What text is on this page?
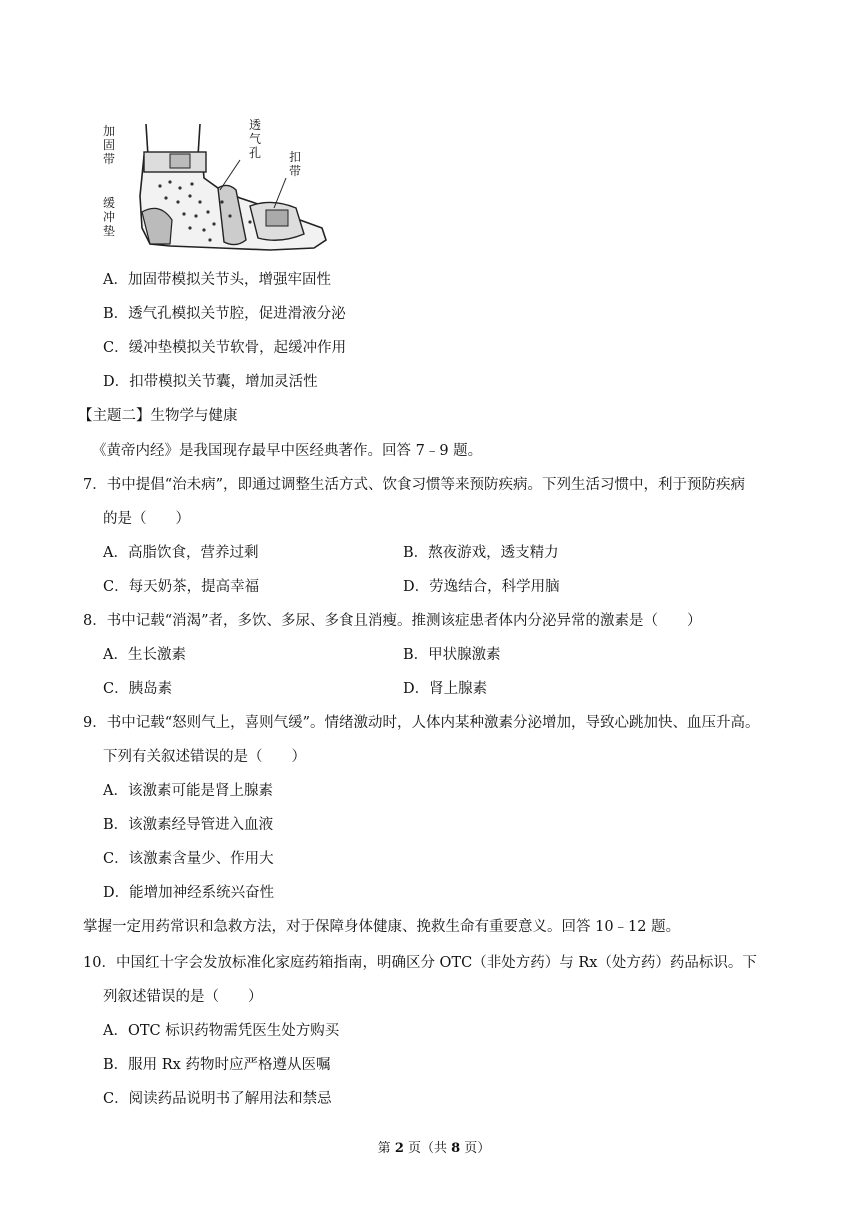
加固带
缓冲垫
透气孔 扣带
A．加固带模拟关节头，增强牢固性
B．透气孔模拟关节腔，促进滑液分泌
C．缓冲垫模拟关节软骨，起缓冲作用
D．扣带模拟关节囊，增加灵活性
【主题二】生物学与健康
《黄帝内经》是我国现存最早中医经典著作。回答 7﹣9 题。
7．书中提倡“治未病”，即通过调整生活方式、饮食习惯等来预防疾病。下列生活习惯中，利于预防疾病
的是（　　）
A．高脂饮食，营养过剩	B．熬夜游戏，透支精力
C．每天奶茶，提高幸福	D．劳逸结合，科学用脑
8．书中记载“消渴”者，多饮、多尿、多食且消瘦。推测该症患者体内分泌异常的激素是（　　）
A．生长激素	B．甲状腺激素
C．胰岛素	D．肾上腺素
9．书中记载“怒则气上，喜则气缓”。情绪激动时，人体内某种激素分泌增加，导致心跳加快、血压升高。
下列有关叙述错误的是（　　）
A．该激素可能是肾上腺素
B．该激素经导管进入血液
C．该激素含量少、作用大
D．能增加神经系统兴奋性
掌握一定用药常识和急救方法，对于保障身体健康、挽救生命有重要意义。回答 10﹣12 题。
10．中国红十字会发放标准化家庭药箱指南，明确区分 OTC（非处方药）与 Rx（处方药）药品标识。下
列叙述错误的是（　　）
A．OTC 标识药物需凭医生处方购买
B．服用 Rx 药物时应严格遵从医嘱
C．阅读药品说明书了解用法和禁忌
第 2 页（共 8 页）
